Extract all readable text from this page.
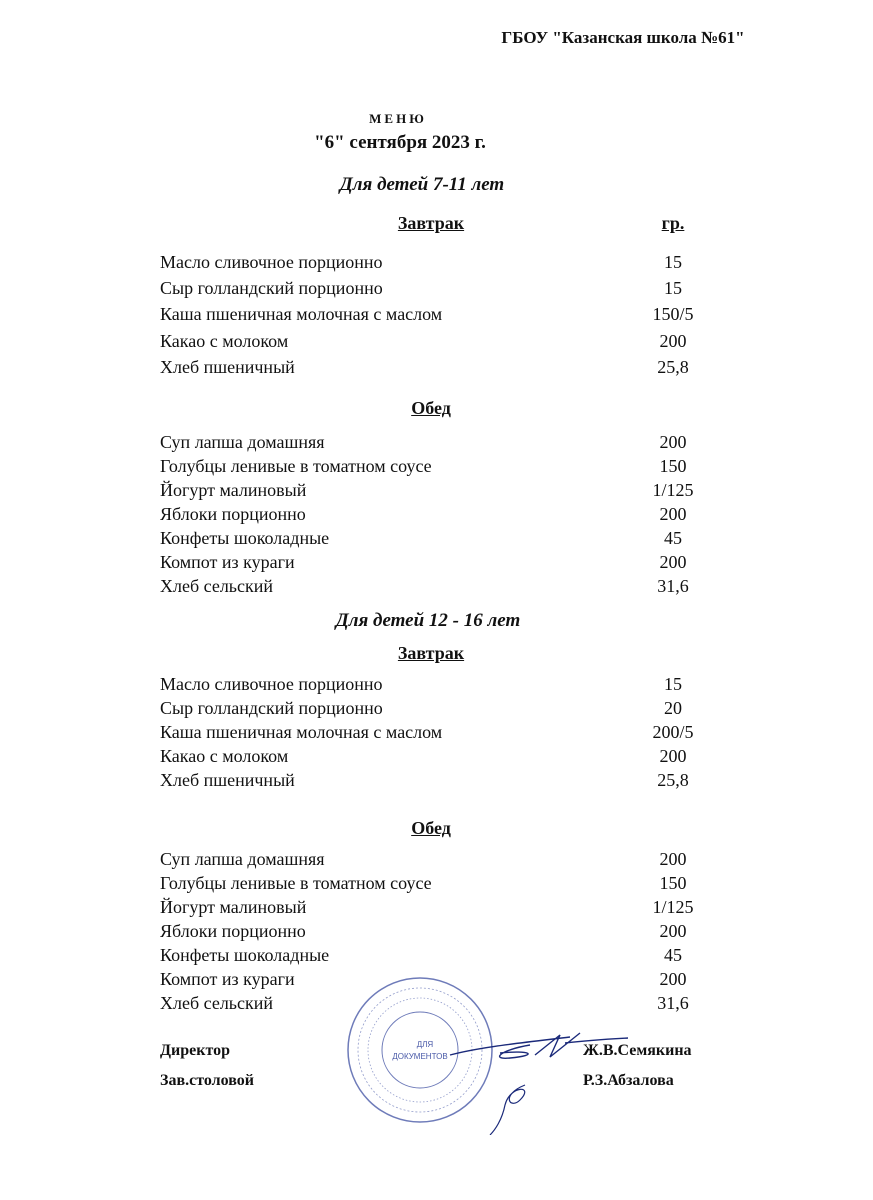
ГБОУ "Казанская школа №61"
МЕНЮ
"6" сентября 2023 г.
Для детей 7-11 лет
Завтрак	гр.
Масло сливочное порционно	15
Сыр голландский порционно	15
Каша пшеничная молочная с маслом	150/5
Какао с молоком	200
Хлеб пшеничный	25,8
Обед
Суп лапша домашняя	200
Голубцы ленивые в томатном соусе	150
Йогурт малиновый	1/125
Яблоки порционно	200
Конфеты шоколадные	45
Компот из кураги	200
Хлеб сельский	31,6
Для детей 12 - 16 лет
Завтрак
Масло сливочное порционно	15
Сыр голландский порционно	20
Каша пшеничная молочная с маслом	200/5
Какао с молоком	200
Хлеб пшеничный	25,8
Обед
Суп лапша домашняя	200
Голубцы ленивые в томатном соусе	150
Йогурт малиновый	1/125
Яблоки порционно	200
Конфеты шоколадные	45
Компот из кураги	200
Хлеб сельский	31,6
ДЛЯ
ДОКУМЕНТОВ
Директор	Ж.В.Семякина
Зав.столовой	Р.З.Абзалова
